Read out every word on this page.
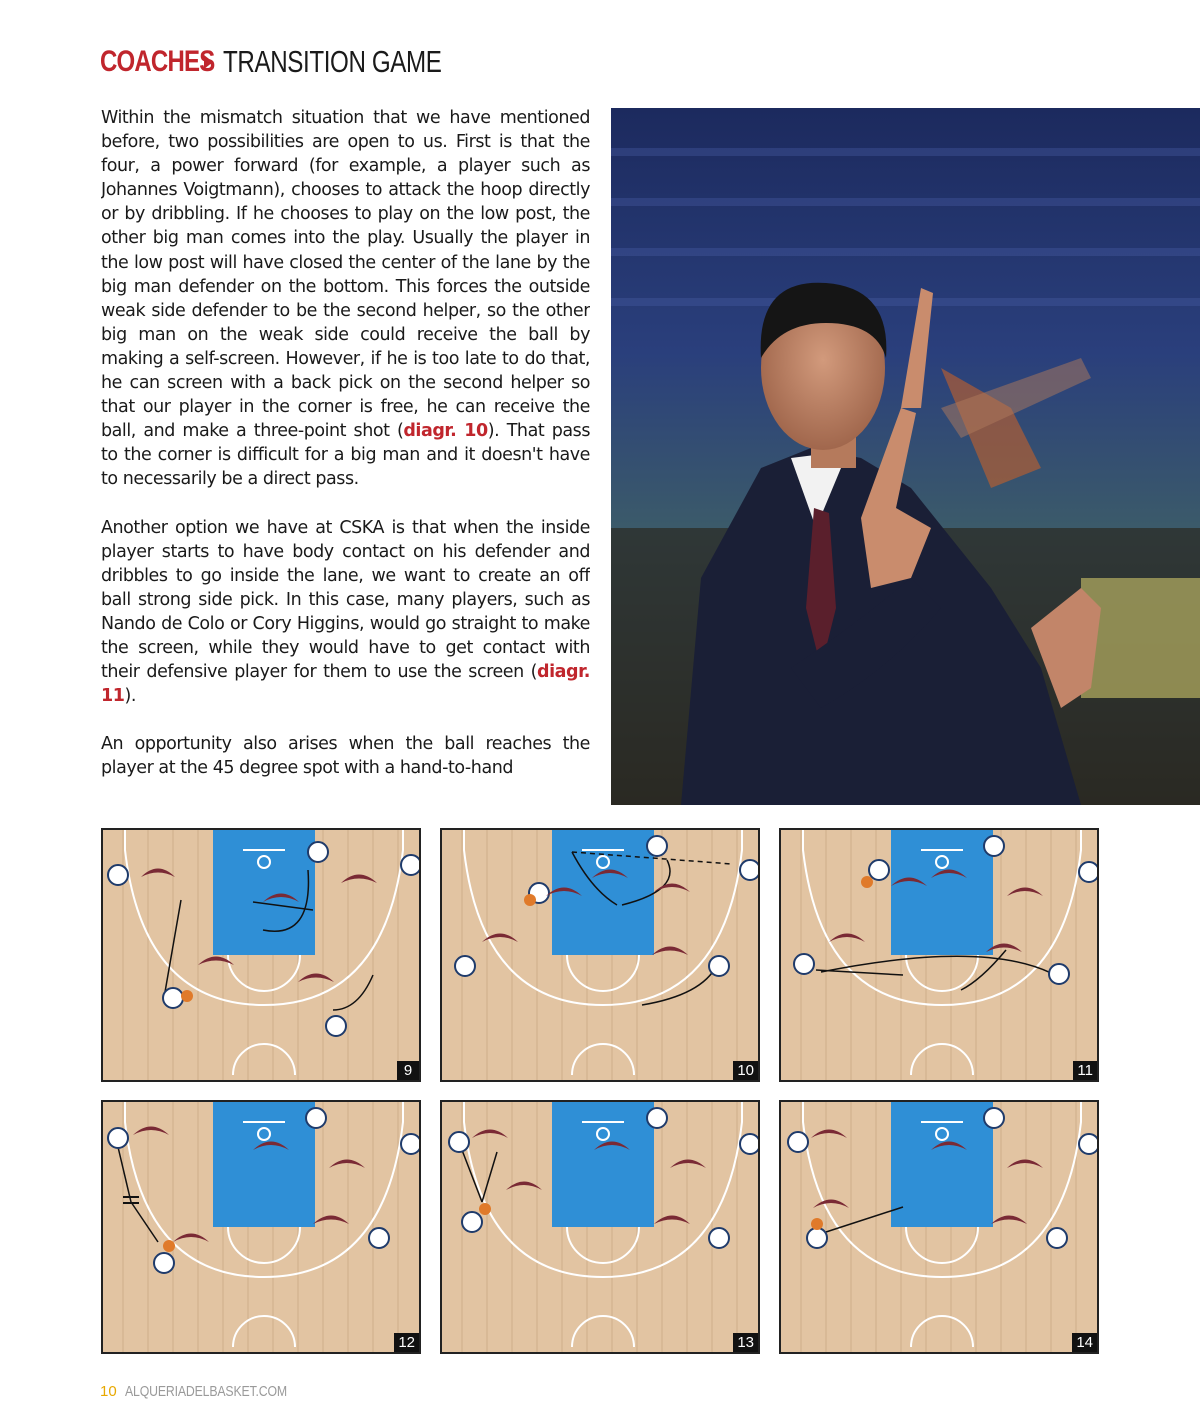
COACHES TRANSITION GAME

Within the mismatch situation that we have mentioned before, two possibilities are open to us. First is that the four, a power forward (for example, a player such as Johannes Voigtmann), chooses to attack the hoop directly or by dribbling. If he chooses to play on the low post, the other big man comes into the play. Usually the player in the low post will have closed the center of the lane by the big man defender on the bottom. This forces the outside weak side defender to be the second helper, so the other big man on the weak side could receive the ball by making a self-screen. However, if he is too late to do that, he can screen with a back pick on the second helper so that our player in the corner is free, he can receive the ball, and make a three-point shot (diagr. 10). That pass to the corner is difficult for a big man and it doesn't have to necessarily be a direct pass.

Another option we have at CSKA is that when the inside player starts to have body contact on his defender and dribbles to go inside the lane, we want to create an off ball strong side pick. In this case, many players, such as Nando de Colo or Cory Higgins, would go straight to make the screen, while they would have to get contact with their defensive player for them to use the screen (diagr. 11).

An opportunity also arises when the ball reaches the player at the 45 degree spot with a hand-to-hand

9	10	11
12	13	14
10 ALQUERIADELBASKET.COM
